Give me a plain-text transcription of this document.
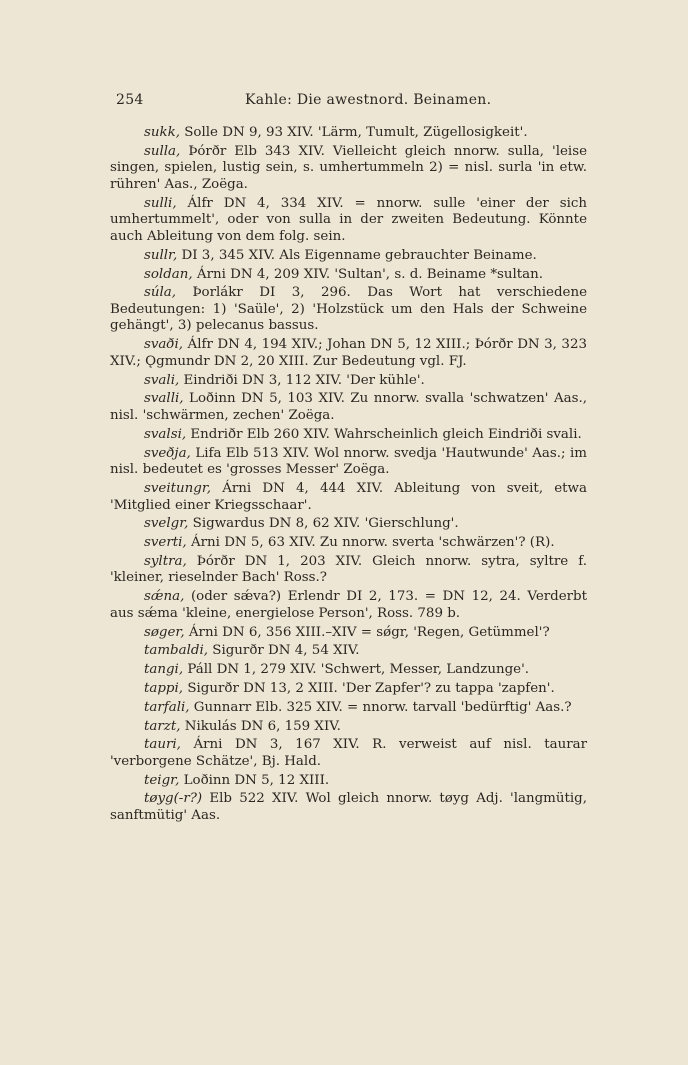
254	Kahle: Die awestnord. Beinamen.

sukk, Solle DN 9, 93 XIV. 'Lärm, Tumult, Zügellosigkeit'.

sulla, Þórðr Elb 343 XIV. Vielleicht gleich nnorw. sulla, 'leise singen, spielen, lustig sein, s. umhertummeln 2) = nisl. surla 'in etw. rühren' Aas., Zoëga.

sulli, Álfr DN 4, 334 XIV. = nnorw. sulle 'einer der sich umhertummelt', oder von sulla in der zweiten Bedeutung. Könnte auch Ableitung von dem folg. sein.

sullr, DI 3, 345 XIV. Als Eigenname gebrauchter Beiname.

soldan, Árni DN 4, 209 XIV. 'Sultan', s. d. Beiname *sultan.

súla, Þorlákr DI 3, 296. Das Wort hat verschiedene Bedeutungen: 1) 'Saüle', 2) 'Holzstück um den Hals der Schweine gehängt', 3) pelecanus bassus.

svaði, Álfr DN 4, 194 XIV.; Johan DN 5, 12 XIII.; Þórðr DN 3, 323 XIV.; Ǫgmundr DN 2, 20 XIII. Zur Bedeutung vgl. FJ.

svali, Eindriði DN 3, 112 XIV. 'Der kühle'.

svalli, Loðinn DN 5, 103 XIV. Zu nnorw. svalla 'schwatzen' Aas., nisl. 'schwärmen, zechen' Zoëga.

svalsi, Endriðr Elb 260 XIV. Wahrscheinlich gleich Eindriði svali.

sveðja, Lifa Elb 513 XIV. Wol nnorw. svedja 'Hautwunde' Aas.; im nisl. bedeutet es 'grosses Messer' Zoëga.

sveitungr, Árni DN 4, 444 XIV. Ableitung von sveit, etwa 'Mitglied einer Kriegsschaar'.

svelgr, Sigwardus DN 8, 62 XIV. 'Gierschlung'.

sverti, Árni DN 5, 63 XIV. Zu nnorw. sverta 'schwärzen'? (R).

syltra, Þórðr DN 1, 203 XIV. Gleich nnorw. sytra, syltre f. 'kleiner, rieselnder Bach' Ross.?

sǽna, (oder sǽva?) Erlendr DI 2, 173. = DN 12, 24. Verderbt aus sǽma 'kleine, energielose Person', Ross. 789 b.

søger, Árni DN 6, 356 XIII.–XIV = sǿgr, 'Regen, Getümmel'?

tambaldi, Sigurðr DN 4, 54 XIV.

tangi, Páll DN 1, 279 XIV. 'Schwert, Messer, Landzunge'.

tappi, Sigurðr DN 13, 2 XIII. 'Der Zapfer'? zu tappa 'zapfen'.

tarfali, Gunnarr Elb. 325 XIV. = nnorw. tarvall 'bedürftig' Aas.?

tarzt, Nikulás DN 6, 159 XIV.

tauri, Árni DN 3, 167 XIV. R. verweist auf nisl. taurar 'verborgene Schätze', Bj. Hald.

teigr, Loðinn DN 5, 12 XIII.

tøyg(-r?) Elb 522 XIV. Wol gleich nnorw. tøyg Adj. 'langmütig, sanftmütig' Aas.
